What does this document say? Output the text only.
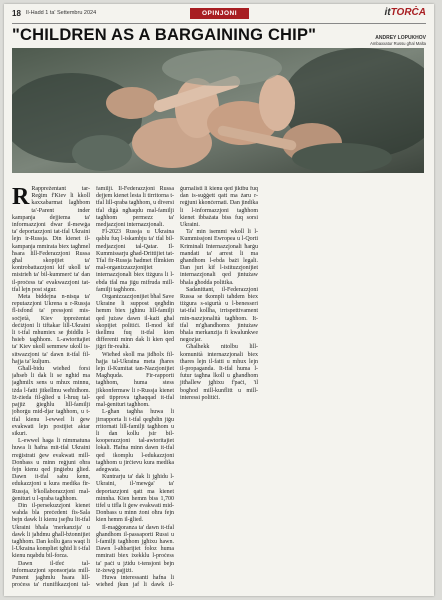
18 Il-Hadd 1 ta' Settembru 2024	OPINJONI	itTORĊA
"CHILDREN AS A BARGAINING CHIP"	ANDREY LOPUKHOV
Ambaxxatur Russu għal Malta

R Rappreżentant tar-Reġim f'Kiev li kkoll kaxxabarmat lagħbom ta'-Parent inder kampanja dejjiema ta' informazzjoni dwar il-mewġa ta' deportazzjoni tat-tfal Ukraini lejn ir-Russja. Din kienet il-kampanja mmirata biex tagħmel ħsara lill-Federazzjoni Russa għal skopijiet ta' kontrobattazzjoni kif ukoll ta' mistrieħ ta' bil-kummerċ ta' dan il-proċess ta' evakwazzjoni tat-tfal lejn post sigur.

Meta biddejna n-nisqa ta' reputazzjoni Ukrena u r-Russja fl-isfond ta' pressjoni mis-soċjetà, Kiev ippreżentat deċiżjoni li tiftakar lill-Ukraini li t-tfal mhumiex se jbiddlu l-ħsieb tagħhom. L-awtoritajiet ta' Kiev ukoll semmew ukoll is-sitwazzjoni ta' dawn it-tfal fil-ħajja ta' kuljum.

Għall-bidu wieħed forsi jaħseb li dak li se ngħid ma jagħmilx sens u mhux minnu, iżda l-fatti jitkellmu weħidhom. Iż-żieda fil-ġlied u l-ħruq tal-pajjiż ġiegħlu lill-familji joħorġu mid-djar tagħhom, u t-tfal kienu l-ewwel li ġew evakwati lejn postijiet aktar sikuri.

L-ewwel haga li nimmatuna huwa li ħafna mit-tfal Ukraini rreġistrati ġew evakwati mill-Donbass u minn reġjuni oħra fejn kienu qed jinġiebu ġlied. Dawn it-tfal sabu kenn, edukazzjoni u kura medika fir-Russja, b'kollaborazzjoni mal-ġenituri u l-qraba tagħhom.

Din il-persekuzzjoni kienet wahda bla preċedent fis-Sala bejn dawk li kienu jsejħu lit-tfal Ukraini bħala 'merkanzija' u dawk li jaħdmu għall-bżonnijiet tagħhom. Dan kollu ġara waqt li l-Ukraina kompliet tgħid li t-tfal kienu nqabdu bil-forza.

Dawn il-tfeċ tal-informazzjoni sponsorjata mill-Punent jagħmlu ħsara lill-proċess ta' riunifikazzjoni tal-familji. Il-Federazzjoni Russa dejjem kienet lesta li tirritorna t-tfal lill-qraba tagħhom, u diversi tfal diġà ngħaqdu mal-familji tagħhom permezz ta' medjazzjoni internazzjonali.

Fl-2023 Russja u Ukraina qablu fuq l-iskambju ta' tfal bil-medjazzjoni tal-Qatar. Il-Kummissarju għad-Drittijiet tat-Tfal fir-Russja ħadmet flimkien mal-organizzazzjonijiet internazzjonali biex tiżgura li l-ebda tfal ma jiġu mifruda mill-familji tagħhom.

Organizzazzjonijiet bħal Save Ukraine li suppost qegħdin hemm biex jgħinu lill-familji qed jużaw dawn il-każi għal skopijiet politiċi. Il-mod kif tkellmu fuq it-tfal kien differenti minn dak li kien qed jiġri fir-realtà.

Wieħed skoll ma jidħolx fil-ħajja tal-Ukraina meta jħares lejn il-Kumitat tan-Nazzjonijiet Magħquda. Fir-rapporti tagħhom, huma stess jikkonfermaw li r-Russja kienet qed tipprova tgħaqqad it-tfal mal-ġenituri tagħhom.

L-għan tagħha huwa li jirrapporta li t-tfal qegħdin jiġu rritornati lill-familji tagħhom u li dan kollu jsir bil-kooperazzjoni tal-awtoritajiet lokali. Ħafna minn dawn it-tfal qed ikomplu l-edukazzjoni tagħhom u jirċievu kura medika adegwata.

Kuntrarju ta' dak li jgħidu l-Ukraini, il-'mewġa' ta' deportazzjoni qatt ma kienet minnha. Kien hemm biss 1,700 tifel u tifla li ġew evakwati mid-Donbass u minn żoni oħra fejn kien hemm il-ġlied.

Il-maġġoranza ta' dawn it-tfal għandhom il-passaporti Russi u l-familji tagħhom jgħixu hawn. Dawn l-aħbarijiet foloz huma mmirati biex ixekklu l-proċess ta' paċi u jżidu t-tensjoni bejn iż-żewġ pajjiżi.

Huwa interessanti hafna li wieħed jkun jaf li dawk il-ġurnalisti li kienu qed jiktbu fuq dan is-suġġett qatt ma żaru r-reġjuni kkonċernati. Dan jindika li l-informazzjoni tagħhom kienet ibbażata biss fuq sorsi Ukraini.

Ta' min isemmi wkoll li l-Kummissjoni Ewropea u l-Qorti Kriminali Internazzjonali ħarġu mandati ta' arrest li ma għandhom l-ebda bażi legali. Dan juri kif l-istituzzjonijiet internazzjonali qed jintużaw bħala għodda politika.

Sadanittant, il-Federazzjoni Russa se tkompli taħdem biex tiżgura s-sigurtà u l-benesseri tat-tfal kollha, irrispettivament min-nazzjonalità tagħhom. It-tfal m'għandhomx jintużaw bħala merkanzija fi kwalunkwe negozjar.

Għalhekk nitolbu lill-komunità internazzjonali biex tħares lejn il-fatti u mhux lejn il-propaganda. It-tfal huma l-futur tagħna lkoll u għandhom jitħallew jgħixu f'paċi, 'il bogħod mill-kunflitt u mill-interessi politiċi.
